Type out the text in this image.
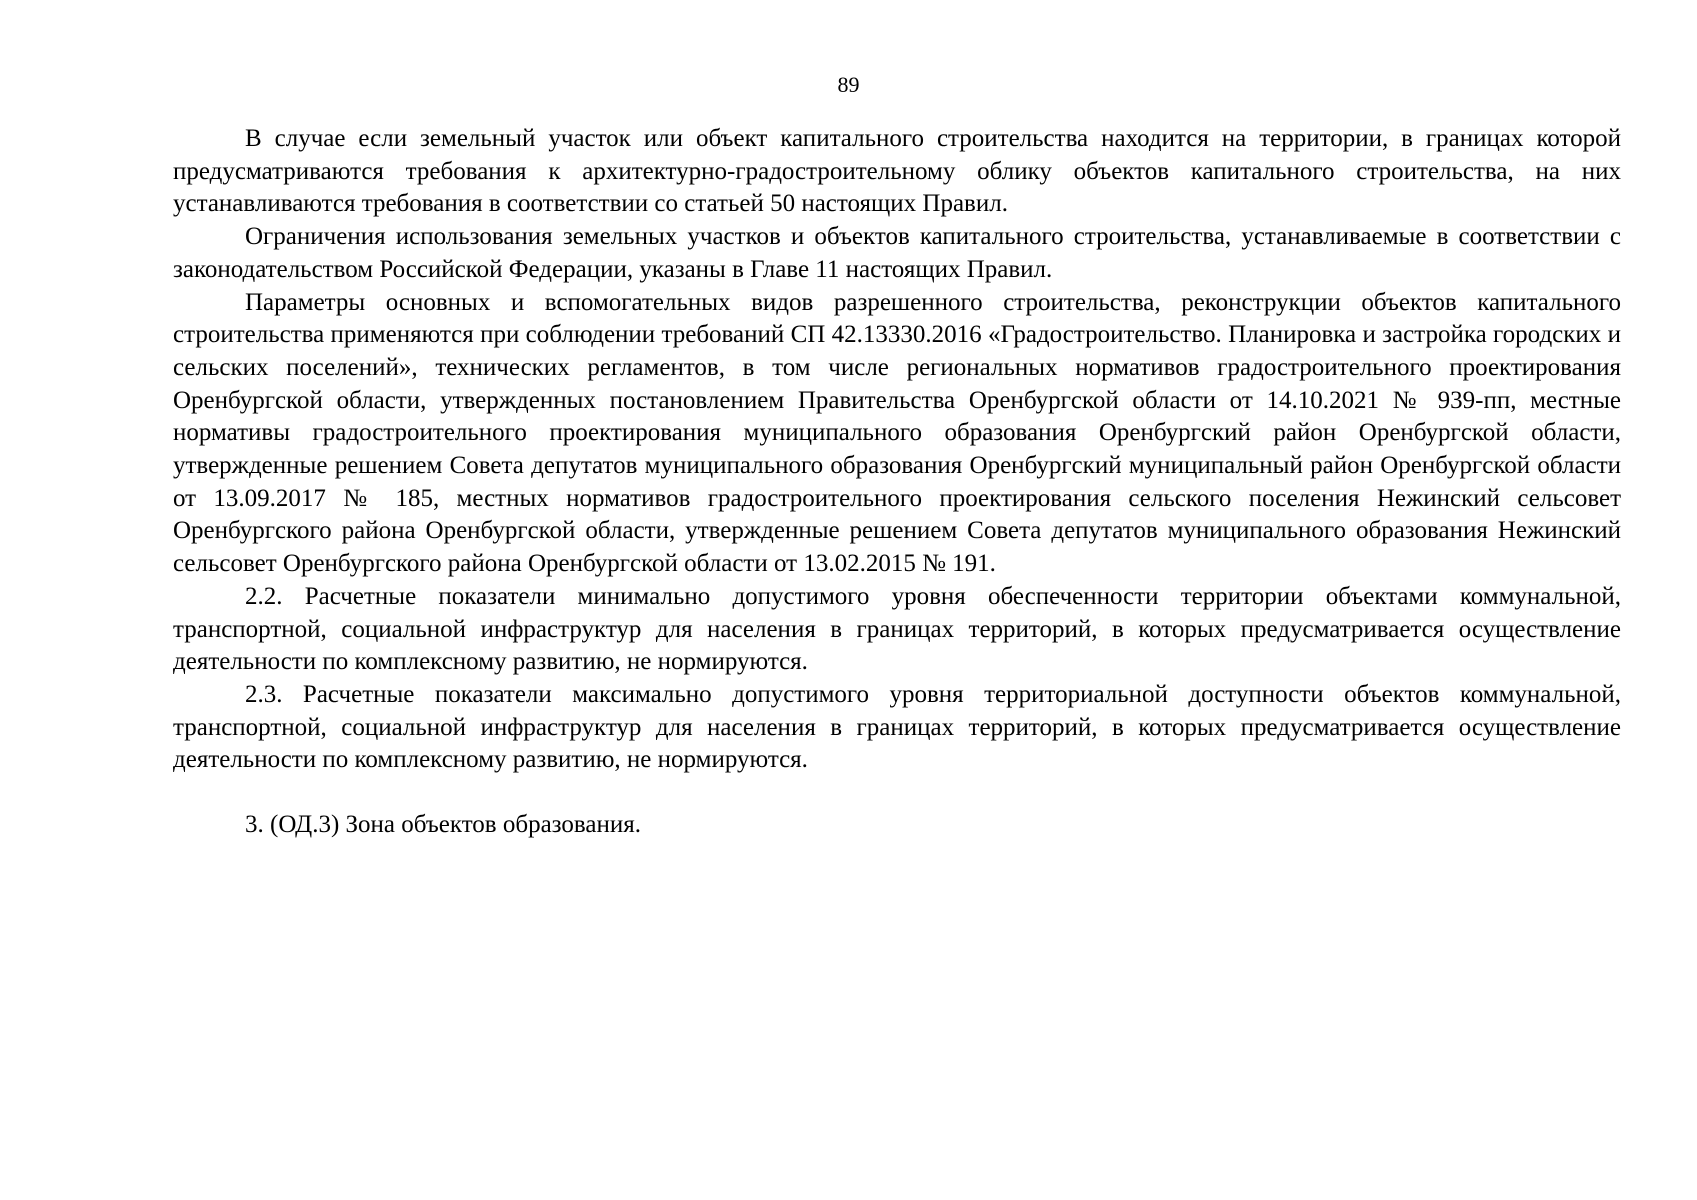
89

В случае если земельный участок или объект капитального строительства находится на территории, в границах которой предусматриваются требования к архитектурно-градостроительному облику объектов капитального строительства, на них устанавливаются требования в соответствии со статьей 50 настоящих Правил.

Ограничения использования земельных участков и объектов капитального строительства, устанавливаемые в соответствии с законодательством Российской Федерации, указаны в Главе 11 настоящих Правил.

Параметры основных и вспомогательных видов разрешенного строительства, реконструкции объектов капитального строительства применяются при соблюдении требований СП 42.13330.2016 «Градостроительство. Планировка и застройка городских и сельских поселений», технических регламентов, в том числе региональных нормативов градостроительного проектирования Оренбургской области, утвержденных постановлением Правительства Оренбургской области от 14.10.2021 № 939-пп, местные нормативы градостроительного проектирования муниципального образования Оренбургский район Оренбургской области, утвержденные решением Совета депутатов муниципального образования Оренбургский муниципальный район Оренбургской области от 13.09.2017 № 185, местных нормативов градостроительного проектирования сельского поселения Нежинский сельсовет Оренбургского района Оренбургской области, утвержденные решением Совета депутатов муниципального образования Нежинский сельсовет Оренбургского района Оренбургской области от 13.02.2015 № 191.

2.2. Расчетные показатели минимально допустимого уровня обеспеченности территории объектами коммунальной, транспортной, социальной инфраструктур для населения в границах территорий, в которых предусматривается осуществление деятельности по комплексному развитию, не нормируются.

2.3. Расчетные показатели максимально допустимого уровня территориальной доступности объектов коммунальной, транспортной, социальной инфраструктур для населения в границах территорий, в которых предусматривается осуществление деятельности по комплексному развитию, не нормируются.

3. (ОД.3) Зона объектов образования.
